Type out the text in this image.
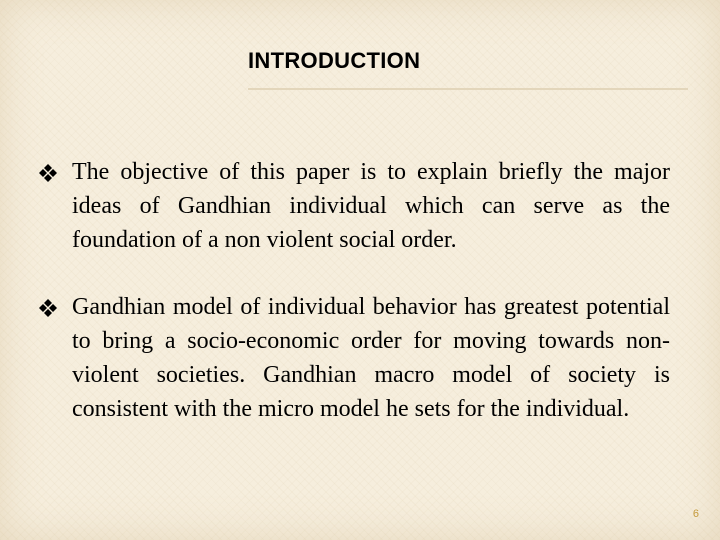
INTRODUCTION
The objective of this paper is to explain briefly the major ideas of Gandhian individual which can serve as the foundation of a non violent social order.
Gandhian model of individual behavior has greatest potential to bring a socio-economic order for moving towards non- violent societies. Gandhian macro model of society is consistent with the micro model he sets for the individual.
6
